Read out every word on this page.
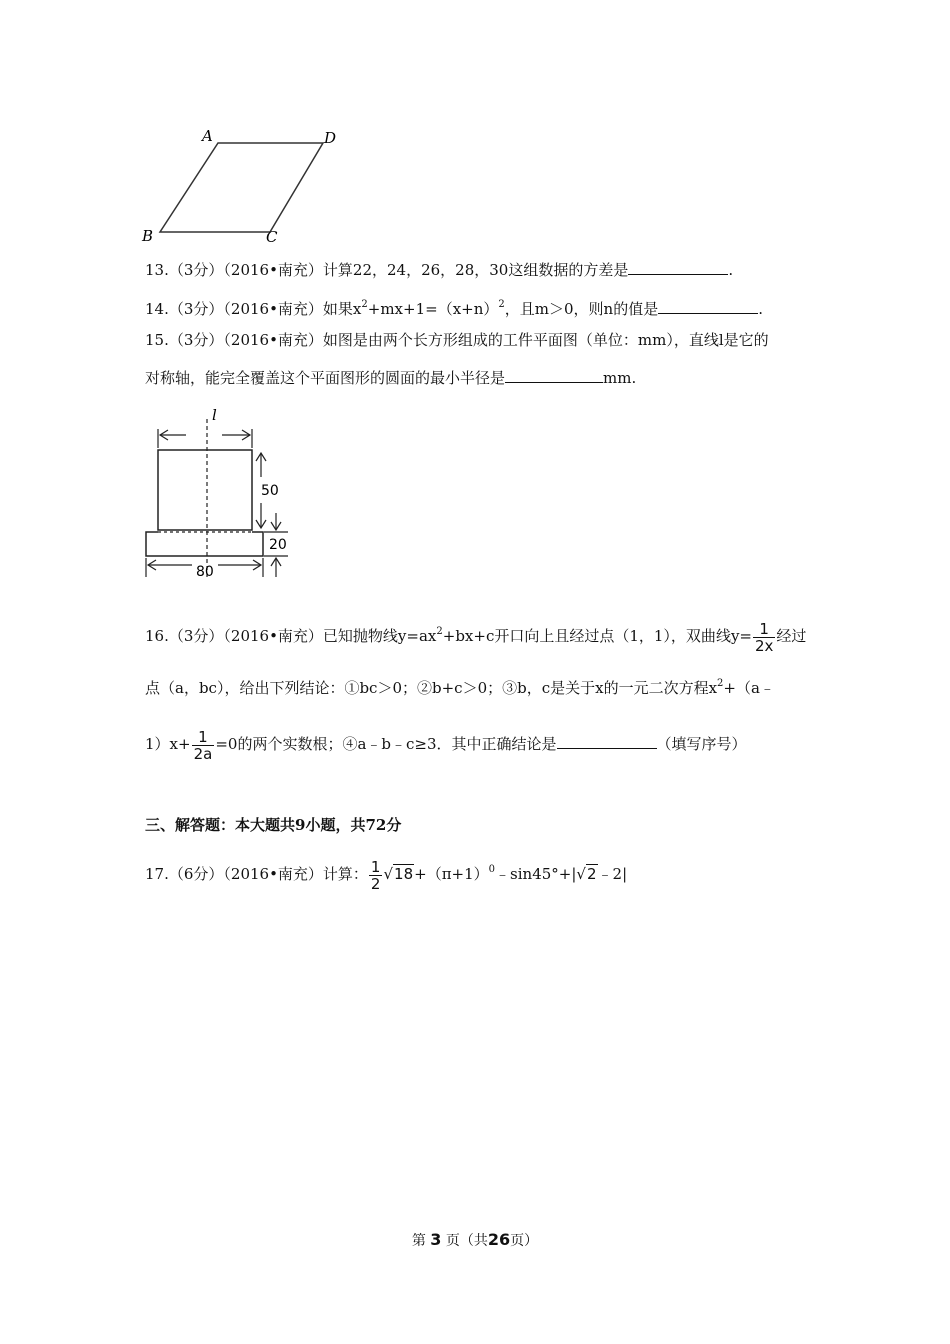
A	D
B	C
13.（3分）（2016•南充）计算22，24，26，28，30这组数据的方差是	.
14.（3分）（2016•南充）如果$x^2+mx+1=(x+n)^2$，且m＞0，则n的值是	.
15.（3分）（2016•南充）如图是由两个长方形组成的工件平面图（单位：mm），直线l是它的
对称轴，能完全覆盖这个平面图形的圆面的最小半径是	mm.
l
50
20
80
16.（3分）（2016•南充）已知抛物线$y=ax^2+bx+c$开口向上且经过点（1，1），双曲线$y= \frac{1}{2x}$ 经过
点（a，bc），给出下列结论：①bc＞0；②b+c＞0；③b，c是关于x的一元二次方程$x^2+(a﹣$
$1)x+ \frac{1}{2a} =0$的两个实数根；④a﹣b﹣c≥3．其中正确结论是	（填写序号）
三、解答题：本大题共9小题，共72分
17.（6分）（2016•南充）计算： $\frac{1}{2}$ $√18+(\pi+1)^0﹣\sin 45^\circ+|√2﹣2|$
第 3 页（共26页）
